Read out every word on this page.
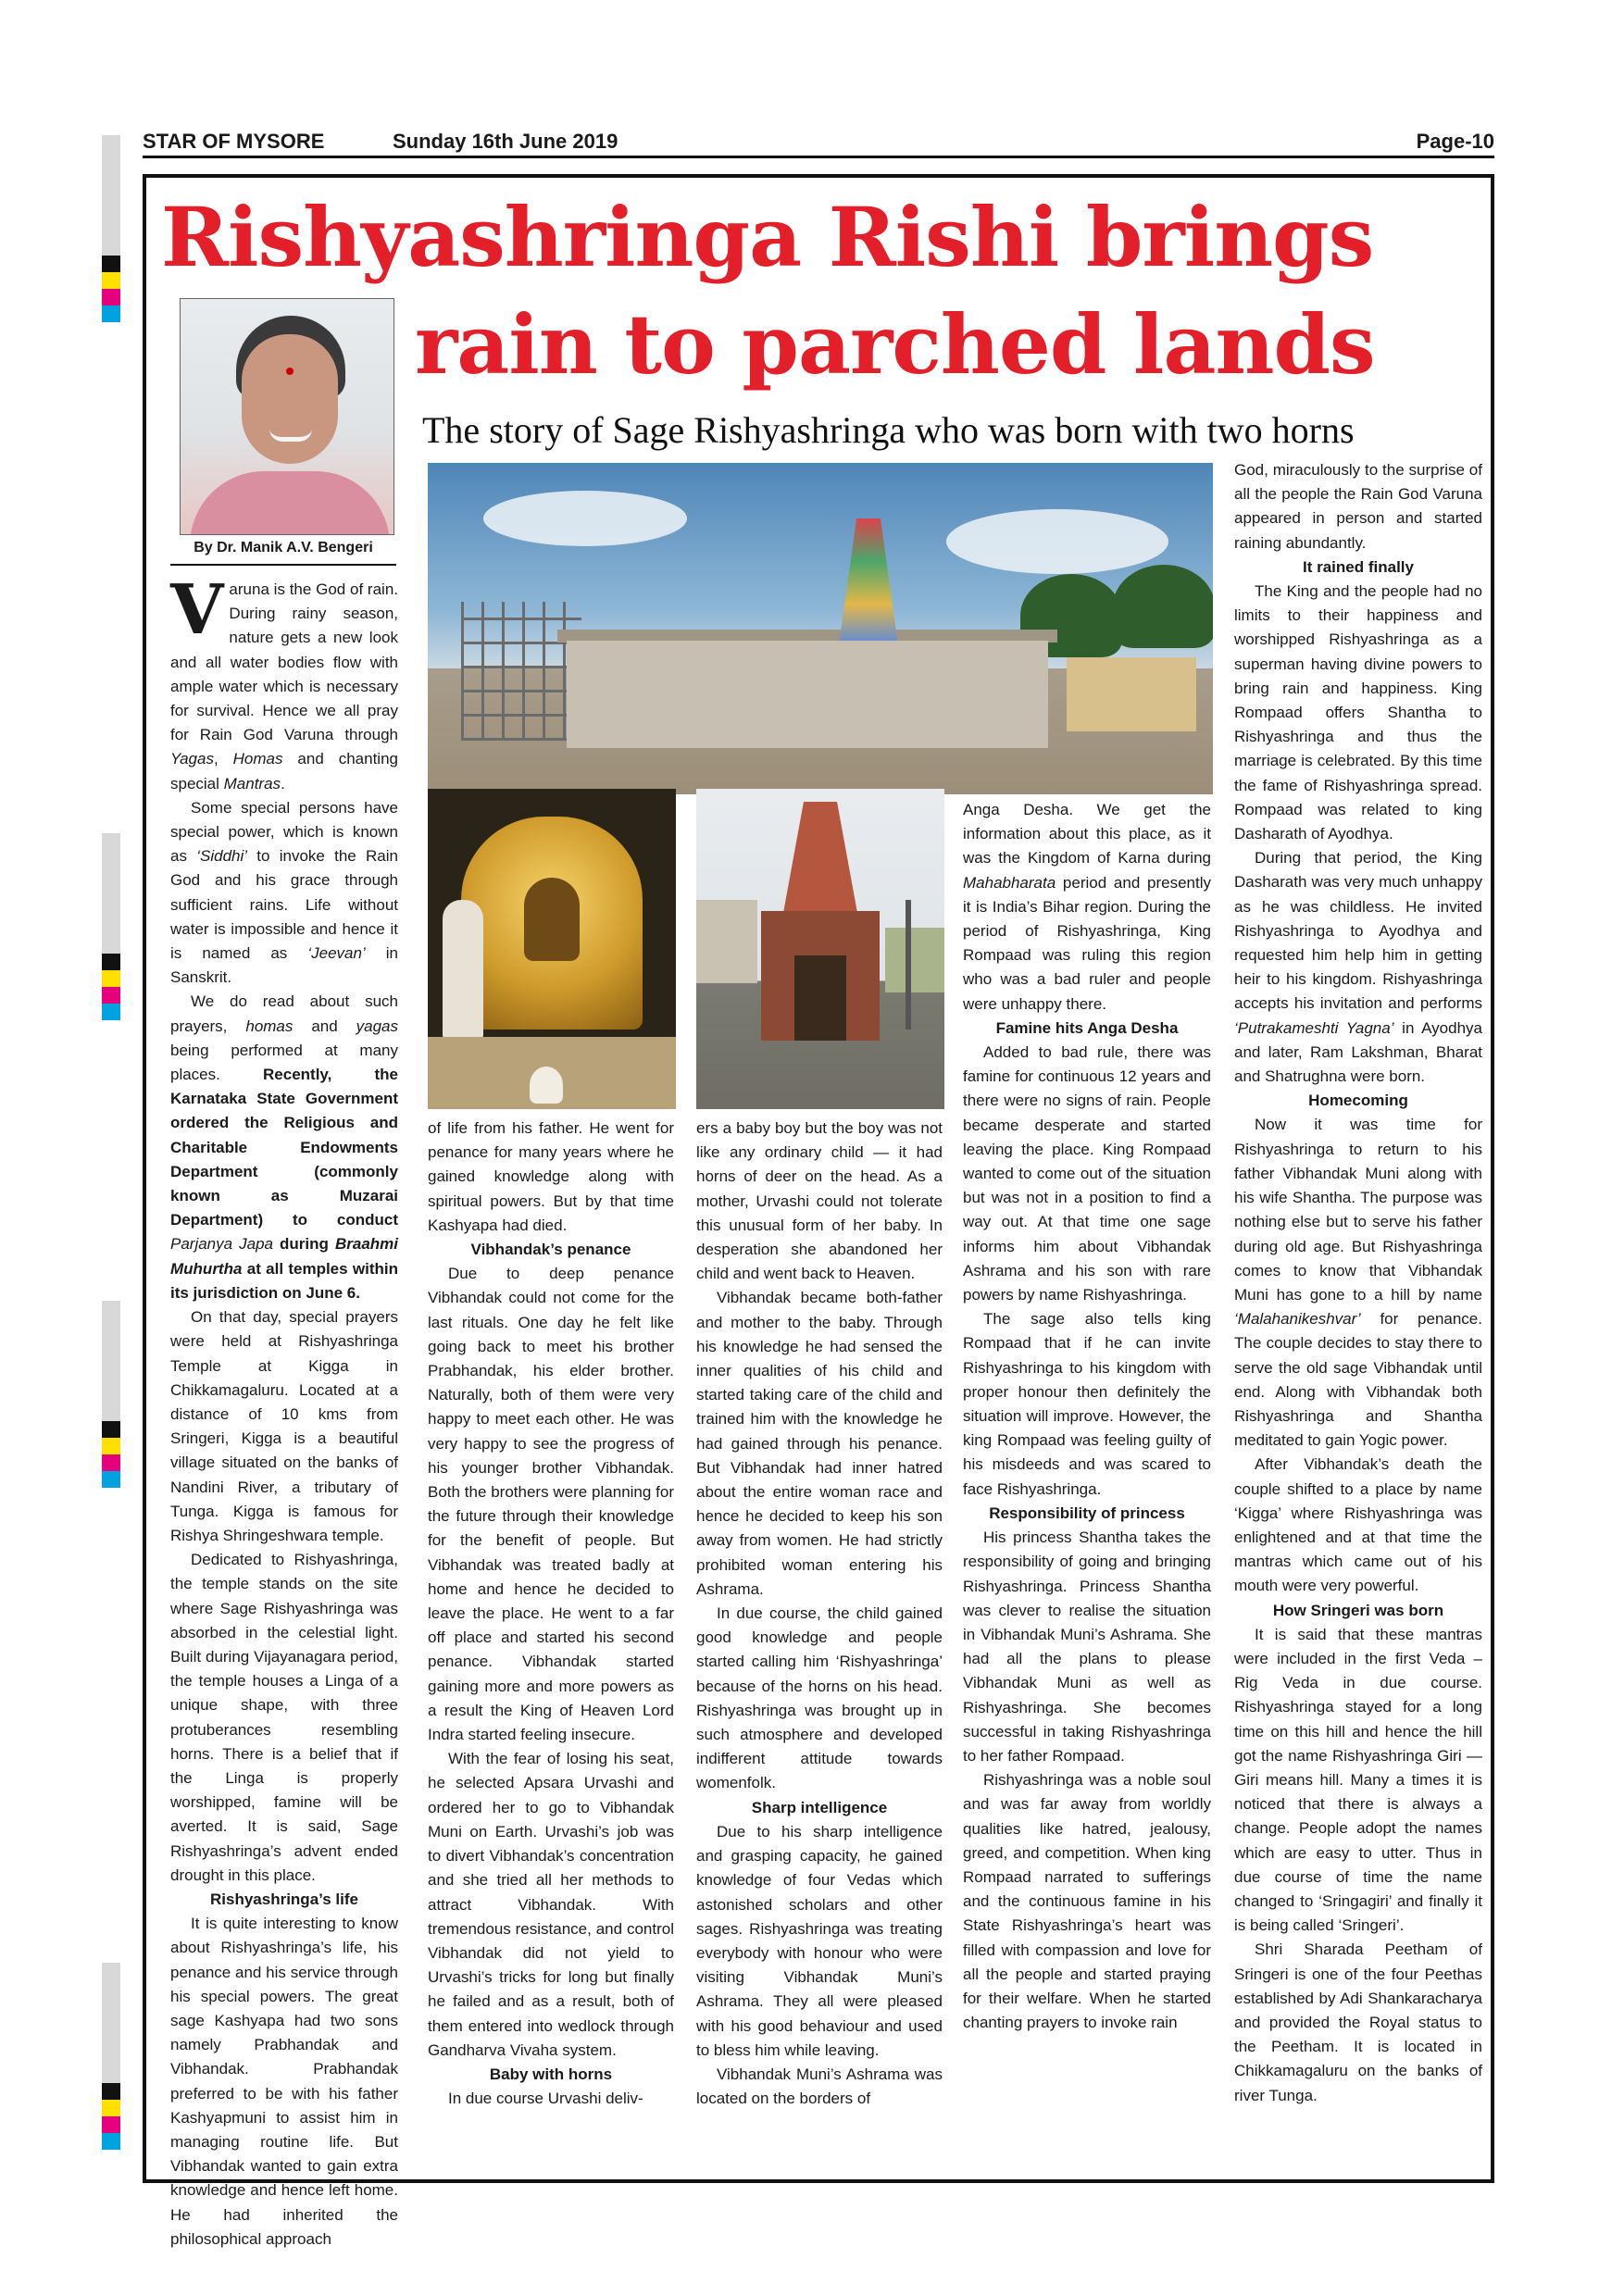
STAR OF MYSORE	Sunday 16th June 2019	Page-10
Rishyashringa Rishi brings
rain to parched lands
The story of Sage Rishyashringa who was born with two horns
By Dr. Manik A.V. Bengeri

Varuna is the God of rain. During rainy season, nature gets a new look and all water bodies flow with ample water which is necessary for survival. Hence we all pray for Rain God Varuna through Yagas, Homas and chanting special Mantras.

Some special persons have special power, which is known as ‘Siddhi’ to invoke the Rain God and his grace through sufficient rains. Life without water is impossible and hence it is named as ‘Jeevan’ in Sanskrit.

We do read about such prayers, homas and yagas being performed at many places. Recently, the Karnataka State Government ordered the Religious and Charitable Endowments Department (commonly known as Muzarai Department) to conduct Parjanya Japa during Braahmi Muhurtha at all temples within its jurisdiction on June 6.

On that day, special prayers were held at Rishyashringa Temple at Kigga in Chikkamagaluru. Located at a distance of 10 kms from Sringeri, Kigga is a beautiful village situated on the banks of Nandini River, a tributary of Tunga. Kigga is famous for Rishya Shringeshwara temple.

Dedicated to Rishyashringa, the temple stands on the site where Sage Rishyashringa was absorbed in the celestial light. Built during Vijayanagara period, the temple houses a Linga of a unique shape, with three protuberances resembling horns. There is a belief that if the Linga is properly worshipped, famine will be averted. It is said, Sage Rishyashringa’s advent ended drought in this place.

Rishyashringa’s life

It is quite interesting to know about Rishyashringa’s life, his penance and his service through his special powers. The great sage Kashyapa had two sons namely Prabhandak and Vibhandak. Prabhandak preferred to be with his father Kashyapmuni to assist him in managing routine life. But Vibhandak wanted to gain extra knowledge and hence left home. He had inherited the philosophical approach

of life from his father. He went for penance for many years where he gained knowledge along with spiritual powers. But by that time Kashyapa had died.

Vibhandak’s penance

Due to deep penance Vibhandak could not come for the last rituals. One day he felt like going back to meet his brother Prabhandak, his elder brother. Naturally, both of them were very happy to meet each other. He was very happy to see the progress of his younger brother Vibhandak. Both the brothers were planning for the future through their knowledge for the benefit of people. But Vibhandak was treated badly at home and hence he decided to leave the place. He went to a far off place and started his second penance. Vibhandak started gaining more and more powers as a result the King of Heaven Lord Indra started feeling insecure.

With the fear of losing his seat, he selected Apsara Urvashi and ordered her to go to Vibhandak Muni on Earth. Urvashi’s job was to divert Vibhandak’s concentration and she tried all her methods to attract Vibhandak. With tremendous resistance, and control Vibhandak did not yield to Urvashi’s tricks for long but finally he failed and as a result, both of them entered into wedlock through Gandharva Vivaha system.

Baby with horns

In due course Urvashi deliv-

ers a baby boy but the boy was not like any ordinary child — it had horns of deer on the head. As a mother, Urvashi could not tolerate this unusual form of her baby. In desperation she abandoned her child and went back to Heaven.

Vibhandak became both-father and mother to the baby. Through his knowledge he had sensed the inner qualities of his child and started taking care of the child and trained him with the knowledge he had gained through his penance. But Vibhandak had inner hatred about the entire woman race and hence he decided to keep his son away from women. He had strictly prohibited woman entering his Ashrama.

In due course, the child gained good knowledge and people started calling him ‘Rishyashringa’ because of the horns on his head. Rishyashringa was brought up in such atmosphere and developed indifferent attitude towards womenfolk.

Sharp intelligence

Due to his sharp intelligence and grasping capacity, he gained knowledge of four Vedas which astonished scholars and other sages. Rishyashringa was treating everybody with honour who were visiting Vibhandak Muni’s Ashrama. They all were pleased with his good behaviour and used to bless him while leaving.

Vibhandak Muni’s Ashrama was located on the borders of

Anga Desha. We get the information about this place, as it was the Kingdom of Karna during Mahabharata period and presently it is India’s Bihar region. During the period of Rishyashringa, King Rompaad was ruling this region who was a bad ruler and people were unhappy there.

Famine hits Anga Desha

Added to bad rule, there was famine for continuous 12 years and there were no signs of rain. People became desperate and started leaving the place. King Rompaad wanted to come out of the situation but was not in a position to find a way out. At that time one sage informs him about Vibhandak Ashrama and his son with rare powers by name Rishyashringa.

The sage also tells king Rompaad that if he can invite Rishyashringa to his kingdom with proper honour then definitely the situation will improve. However, the king Rompaad was feeling guilty of his misdeeds and was scared to face Rishyashringa.

Responsibility of princess

His princess Shantha takes the responsibility of going and bringing Rishyashringa. Princess Shantha was clever to realise the situation in Vibhandak Muni’s Ashrama. She had all the plans to please Vibhandak Muni as well as Rishyashringa. She becomes successful in taking Rishyashringa to her father Rompaad.

Rishyashringa was a noble soul and was far away from worldly qualities like hatred, jealousy, greed, and competition. When king Rompaad narrated to sufferings and the continuous famine in his State Rishyashringa’s heart was filled with compassion and love for all the people and started praying for their welfare. When he started chanting prayers to invoke rain

God, miraculously to the surprise of all the people the Rain God Varuna appeared in person and started raining abundantly.

It rained finally

The King and the people had no limits to their happiness and worshipped Rishyashringa as a superman having divine powers to bring rain and happiness. King Rompaad offers Shantha to Rishyashringa and thus the marriage is celebrated. By this time the fame of Rishyashringa spread. Rompaad was related to king Dasharath of Ayodhya.

During that period, the King Dasharath was very much unhappy as he was childless. He invited Rishyashringa to Ayodhya and requested him help him in getting heir to his kingdom. Rishyashringa accepts his invitation and performs ‘Putrakameshti Yagna’ in Ayodhya and later, Ram Lakshman, Bharat and Shatrughna were born.

Homecoming

Now it was time for Rishyashringa to return to his father Vibhandak Muni along with his wife Shantha. The purpose was nothing else but to serve his father during old age. But Rishyashringa comes to know that Vibhandak Muni has gone to a hill by name ‘Malahanikeshvar’ for penance. The couple decides to stay there to serve the old sage Vibhandak until end. Along with Vibhandak both Rishyashringa and Shantha meditated to gain Yogic power.

After Vibhandak’s death the couple shifted to a place by name ‘Kigga’ where Rishyashringa was enlightened and at that time the mantras which came out of his mouth were very powerful.

How Sringeri was born

It is said that these mantras were included in the first Veda – Rig Veda in due course. Rishyashringa stayed for a long time on this hill and hence the hill got the name Rishyashringa Giri — Giri means hill. Many a times it is noticed that there is always a change. People adopt the names which are easy to utter. Thus in due course of time the name changed to ‘Sringagiri’ and finally it is being called ‘Sringeri’.

Shri Sharada Peetham of Sringeri is one of the four Peethas established by Adi Shankaracharya and provided the Royal status to the Peetham. It is located in Chikkamagaluru on the banks of river Tunga.
